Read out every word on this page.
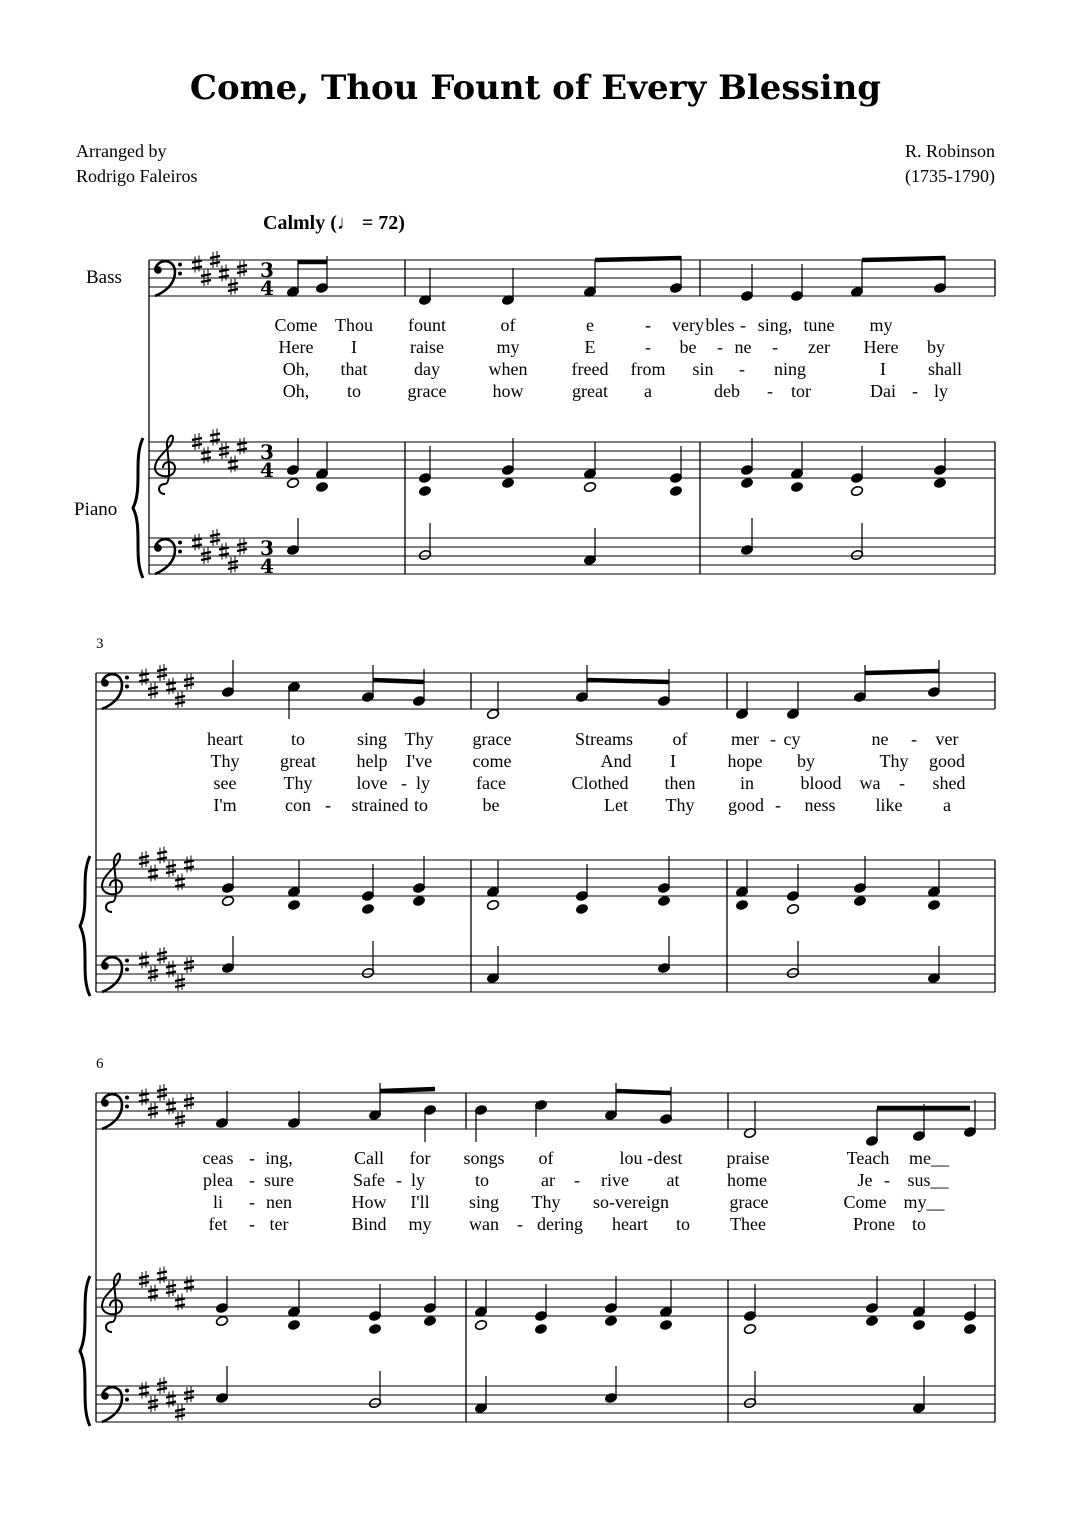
Come, Thou Fount of Every Blessing
Arranged by
Rodrigo Faleiros
R. Robinson
(1735-1790)
Calmly (♩ = 72)
Bass
Piano
3
6
3
4
3
4
3
4
Come Thou fount	of	e	- very bles - sing, tune my
Here I	raise	my	E	- be - ne - zer Here by
Oh, that	day	when freed from sin - ning	I shall
Oh, to	grace	how	great a	deb - tor	Dai - ly
heart	to	sing Thy grace	Streams of mer - cy	ne - ver
Thy great help I've come	And I	hope by	Thy good
see	Thy love - ly	face	Clothed then in	blood wa - shed
I'm	con - strained to	be	Let Thy good - ness like a
ceas - ing,	Call for songs of	lou - dest praise	Teach me__
plea - sure	Safe - ly	to	ar - rive at	home	Je - sus__
li - nen	How I'll sing Thy so-vereign	grace	Come my__
fet - ter	Bind my wan - dering heart to Thee	Prone to
